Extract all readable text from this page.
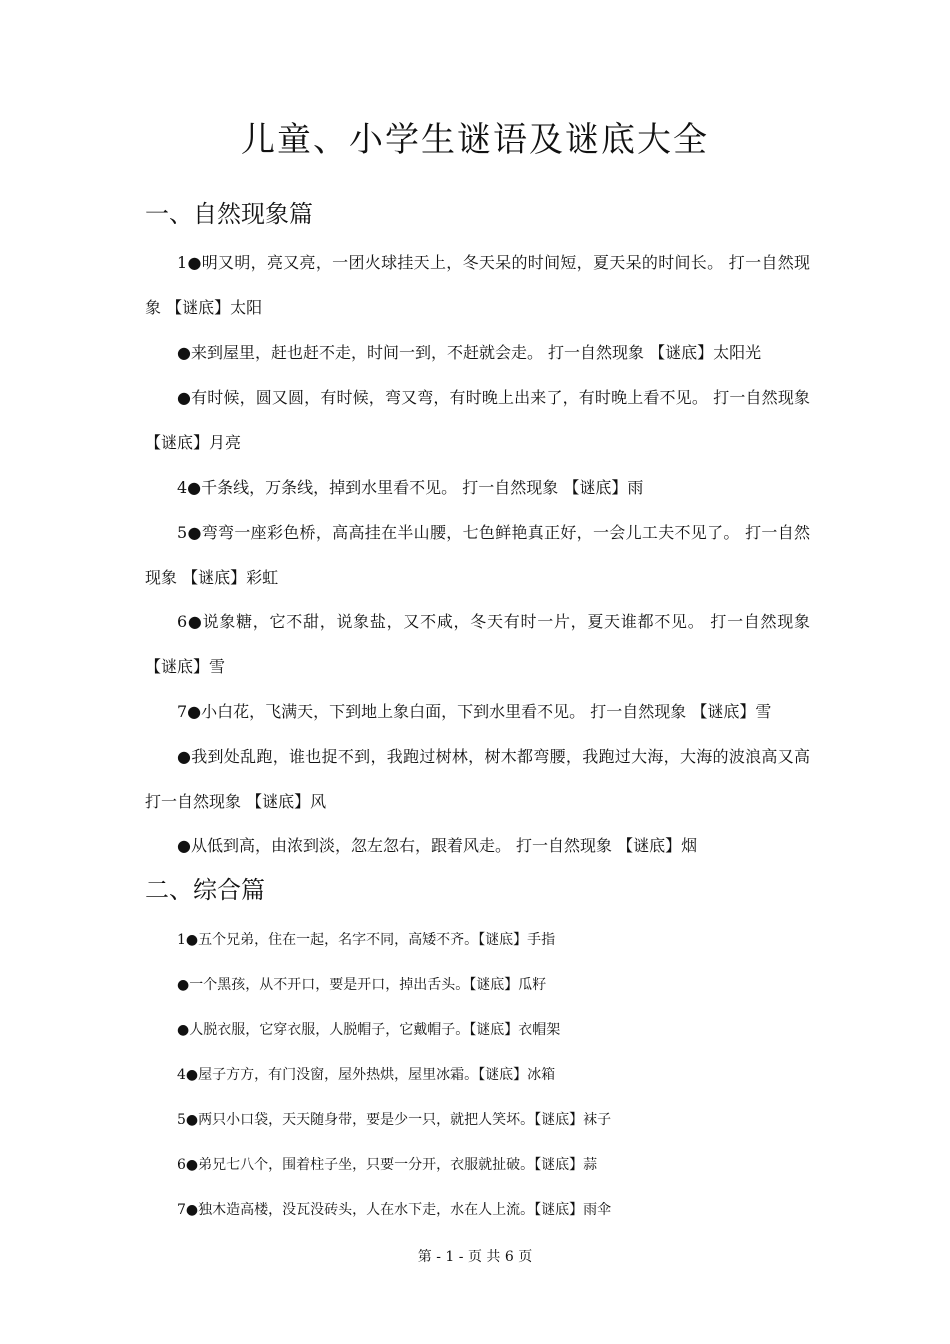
儿童、小学生谜语及谜底大全
一、自然现象篇

1●明又明，亮又亮，一团火球挂天上，冬天呆的时间短，夏天呆的时间长。 打一自然现象 【谜底】太阳

●来到屋里，赶也赶不走，时间一到，不赶就会走。 打一自然现象 【谜底】太阳光

●有时候，圆又圆，有时候，弯又弯，有时晚上出来了，有时晚上看不见。 打一自然现象 【谜底】月亮

4●千条线，万条线，掉到水里看不见。 打一自然现象 【谜底】雨

5●弯弯一座彩色桥，高高挂在半山腰，七色鲜艳真正好，一会儿工夫不见了。 打一自然现象 【谜底】彩虹

6●说象糖，它不甜，说象盐，又不咸，冬天有时一片，夏天谁都不见。 打一自然现象 【谜底】雪

7●小白花，飞满天，下到地上象白面，下到水里看不见。 打一自然现象 【谜底】雪

●我到处乱跑，谁也捉不到，我跑过树林，树木都弯腰，我跑过大海，大海的波浪高又高 打一自然现象 【谜底】风

●从低到高，由浓到淡，忽左忽右，跟着风走。 打一自然现象 【谜底】烟

二、综合篇

1●五个兄弟，住在一起，名字不同，高矮不齐。【谜底】手指

●一个黑孩，从不开口，要是开口，掉出舌头。【谜底】瓜籽

●人脱衣服，它穿衣服，人脱帽子，它戴帽子。【谜底】衣帽架

4●屋子方方，有门没窗，屋外热烘，屋里冰霜。【谜底】冰箱

5●两只小口袋，天天随身带，要是少一只，就把人笑坏。【谜底】袜子

6●弟兄七八个，围着柱子坐，只要一分开，衣服就扯破。【谜底】蒜

7●独木造高楼，没瓦没砖头，人在水下走，水在人上流。【谜底】雨伞

第 - 1 - 页 共 6 页
